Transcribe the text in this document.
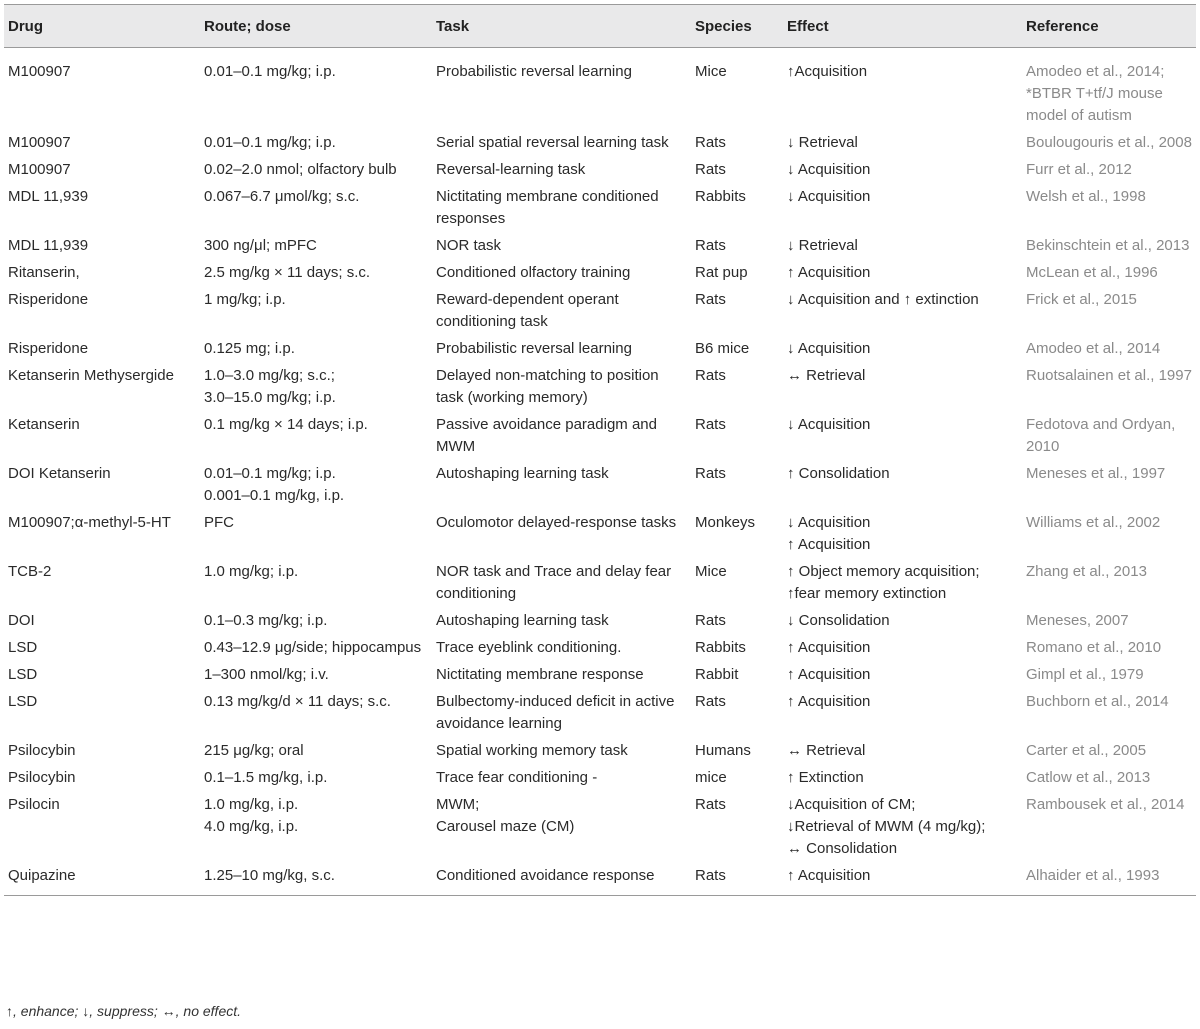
Drug	Route; dose	Task	Species	Effect	Reference
M100907	0.01–0.1 mg/kg; i.p.	Probabilistic reversal learning	Mice	↑Acquisition	Amodeo et al., 2014;
*BTBR T+tf/J mouse model of autism

M100907	0.01–0.1 mg/kg; i.p.	Serial spatial reversal learning task	Rats	↓ Retrieval	Boulougouris et al., 2008

M100907	0.02–2.0 nmol; olfactory bulb	Reversal-learning task	Rats	↓ Acquisition	Furr et al., 2012

MDL 11,939	0.067–6.7 μmol/kg; s.c.	Nictitating membrane conditioned responses	Rabbits	↓ Acquisition	Welsh et al., 1998

MDL 11,939	300 ng/μl; mPFC	NOR task	Rats	↓ Retrieval	Bekinschtein et al., 2013

Ritanserin,	2.5 mg/kg × 11 days; s.c.	Conditioned olfactory training	Rat pup	↑ Acquisition	McLean et al., 1996

Risperidone	1 mg/kg; i.p.	Reward-dependent operant conditioning task	Rats	↓ Acquisition and ↑ extinction	Frick et al., 2015

Risperidone	0.125 mg; i.p.	Probabilistic reversal learning	B6 mice	↓ Acquisition	Amodeo et al., 2014

Ketanserin Methysergide	1.0–3.0 mg/kg; s.c.;
3.0–15.0 mg/kg; i.p.	Delayed non-matching to position task (working memory)	Rats	↔ Retrieval	Ruotsalainen et al., 1997

Ketanserin	0.1 mg/kg × 14 days; i.p.	Passive avoidance paradigm and MWM	Rats	↓ Acquisition	Fedotova and Ordyan, 2010

DOI Ketanserin	0.01–0.1 mg/kg; i.p.
0.001–0.1 mg/kg, i.p.	Autoshaping learning task	Rats	↑ Consolidation	Meneses et al., 1997

M100907;α-methyl-5-HT	PFC	Oculomotor delayed-response tasks	Monkeys	↓ Acquisition
↑ Acquisition	Williams et al., 2002

TCB-2	1.0 mg/kg; i.p.	NOR task and Trace and delay fear conditioning	Mice	↑ Object memory acquisition;
↑fear memory extinction	Zhang et al., 2013

DOI	0.1–0.3 mg/kg; i.p.	Autoshaping learning task	Rats	↓ Consolidation	Meneses, 2007

LSD	0.43–12.9 μg/side; hippocampus	Trace eyeblink conditioning.	Rabbits	↑ Acquisition	Romano et al., 2010

LSD	1–300 nmol/kg; i.v.	Nictitating membrane response	Rabbit	↑ Acquisition	Gimpl et al., 1979

LSD	0.13 mg/kg/d × 11 days; s.c.	Bulbectomy-induced deficit in active avoidance learning	Rats	↑ Acquisition	Buchborn et al., 2014

Psilocybin	215 μg/kg; oral	Spatial working memory task	Humans	↔ Retrieval	Carter et al., 2005

Psilocybin	0.1–1.5 mg/kg, i.p.	Trace fear conditioning -	mice	↑ Extinction	Catlow et al., 2013

Psilocin	1.0 mg/kg, i.p.
4.0 mg/kg, i.p.	MWM;
Carousel maze (CM)	Rats	↓Acquisition of CM;
↓Retrieval of MWM (4 mg/kg);
↔ Consolidation	Rambousek et al., 2014

Quipazine	1.25–10 mg/kg, s.c.	Conditioned avoidance response	Rats	↑ Acquisition	Alhaider et al., 1993
↑, enhance; ↓, suppress; ↔, no effect.
